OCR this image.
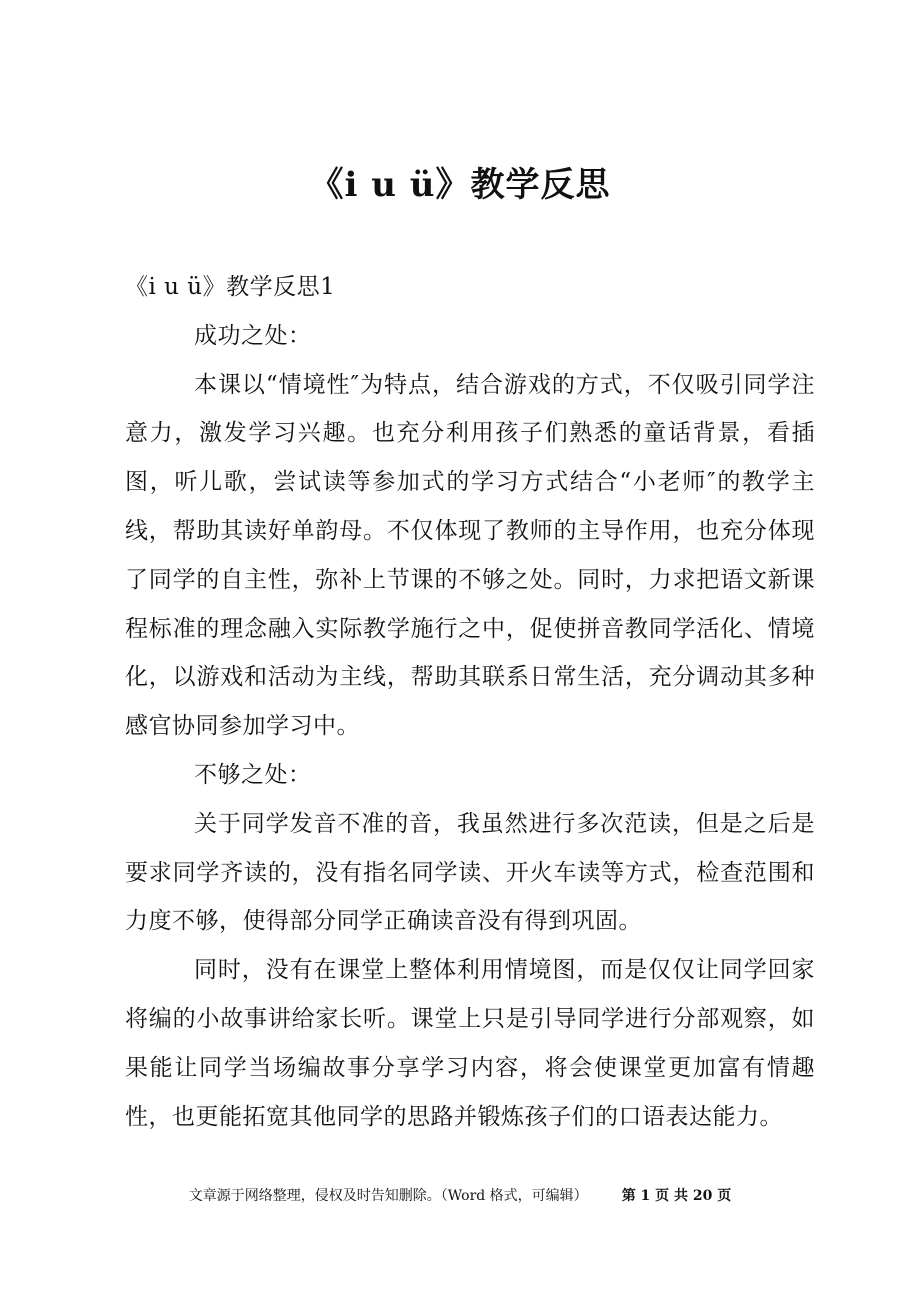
《i u ü》教学反思
《i u ü》教学反思1

成功之处：

本课以“情境性″为特点，结合游戏的方式，不仅吸引同学注意力，激发学习兴趣。也充分利用孩子们熟悉的童话背景，看插图，听儿歌，尝试读等参加式的学习方式结合“小老师″的教学主线，帮助其读好单韵母。不仅体现了教师的主导作用，也充分体现了同学的自主性，弥补上节课的不够之处。同时，力求把语文新课程标准的理念融入实际教学施行之中，促使拼音教同学活化、情境化，以游戏和活动为主线，帮助其联系日常生活，充分调动其多种感官协同参加学习中。

不够之处：

关于同学发音不准的音，我虽然进行多次范读，但是之后是要求同学齐读的，没有指名同学读、开火车读等方式，检查范围和力度不够，使得部分同学正确读音没有得到巩固。

同时，没有在课堂上整体利用情境图，而是仅仅让同学回家将编的小故事讲给家长听。课堂上只是引导同学进行分部观察，如果能让同学当场编故事分享学习内容，将会使课堂更加富有情趣性，也更能拓宽其他同学的思路并锻炼孩子们的口语表达能力。

文章源于网络整理，侵权及时告知删除。（Word 格式，可编辑） 第 1 页 共 20 页
